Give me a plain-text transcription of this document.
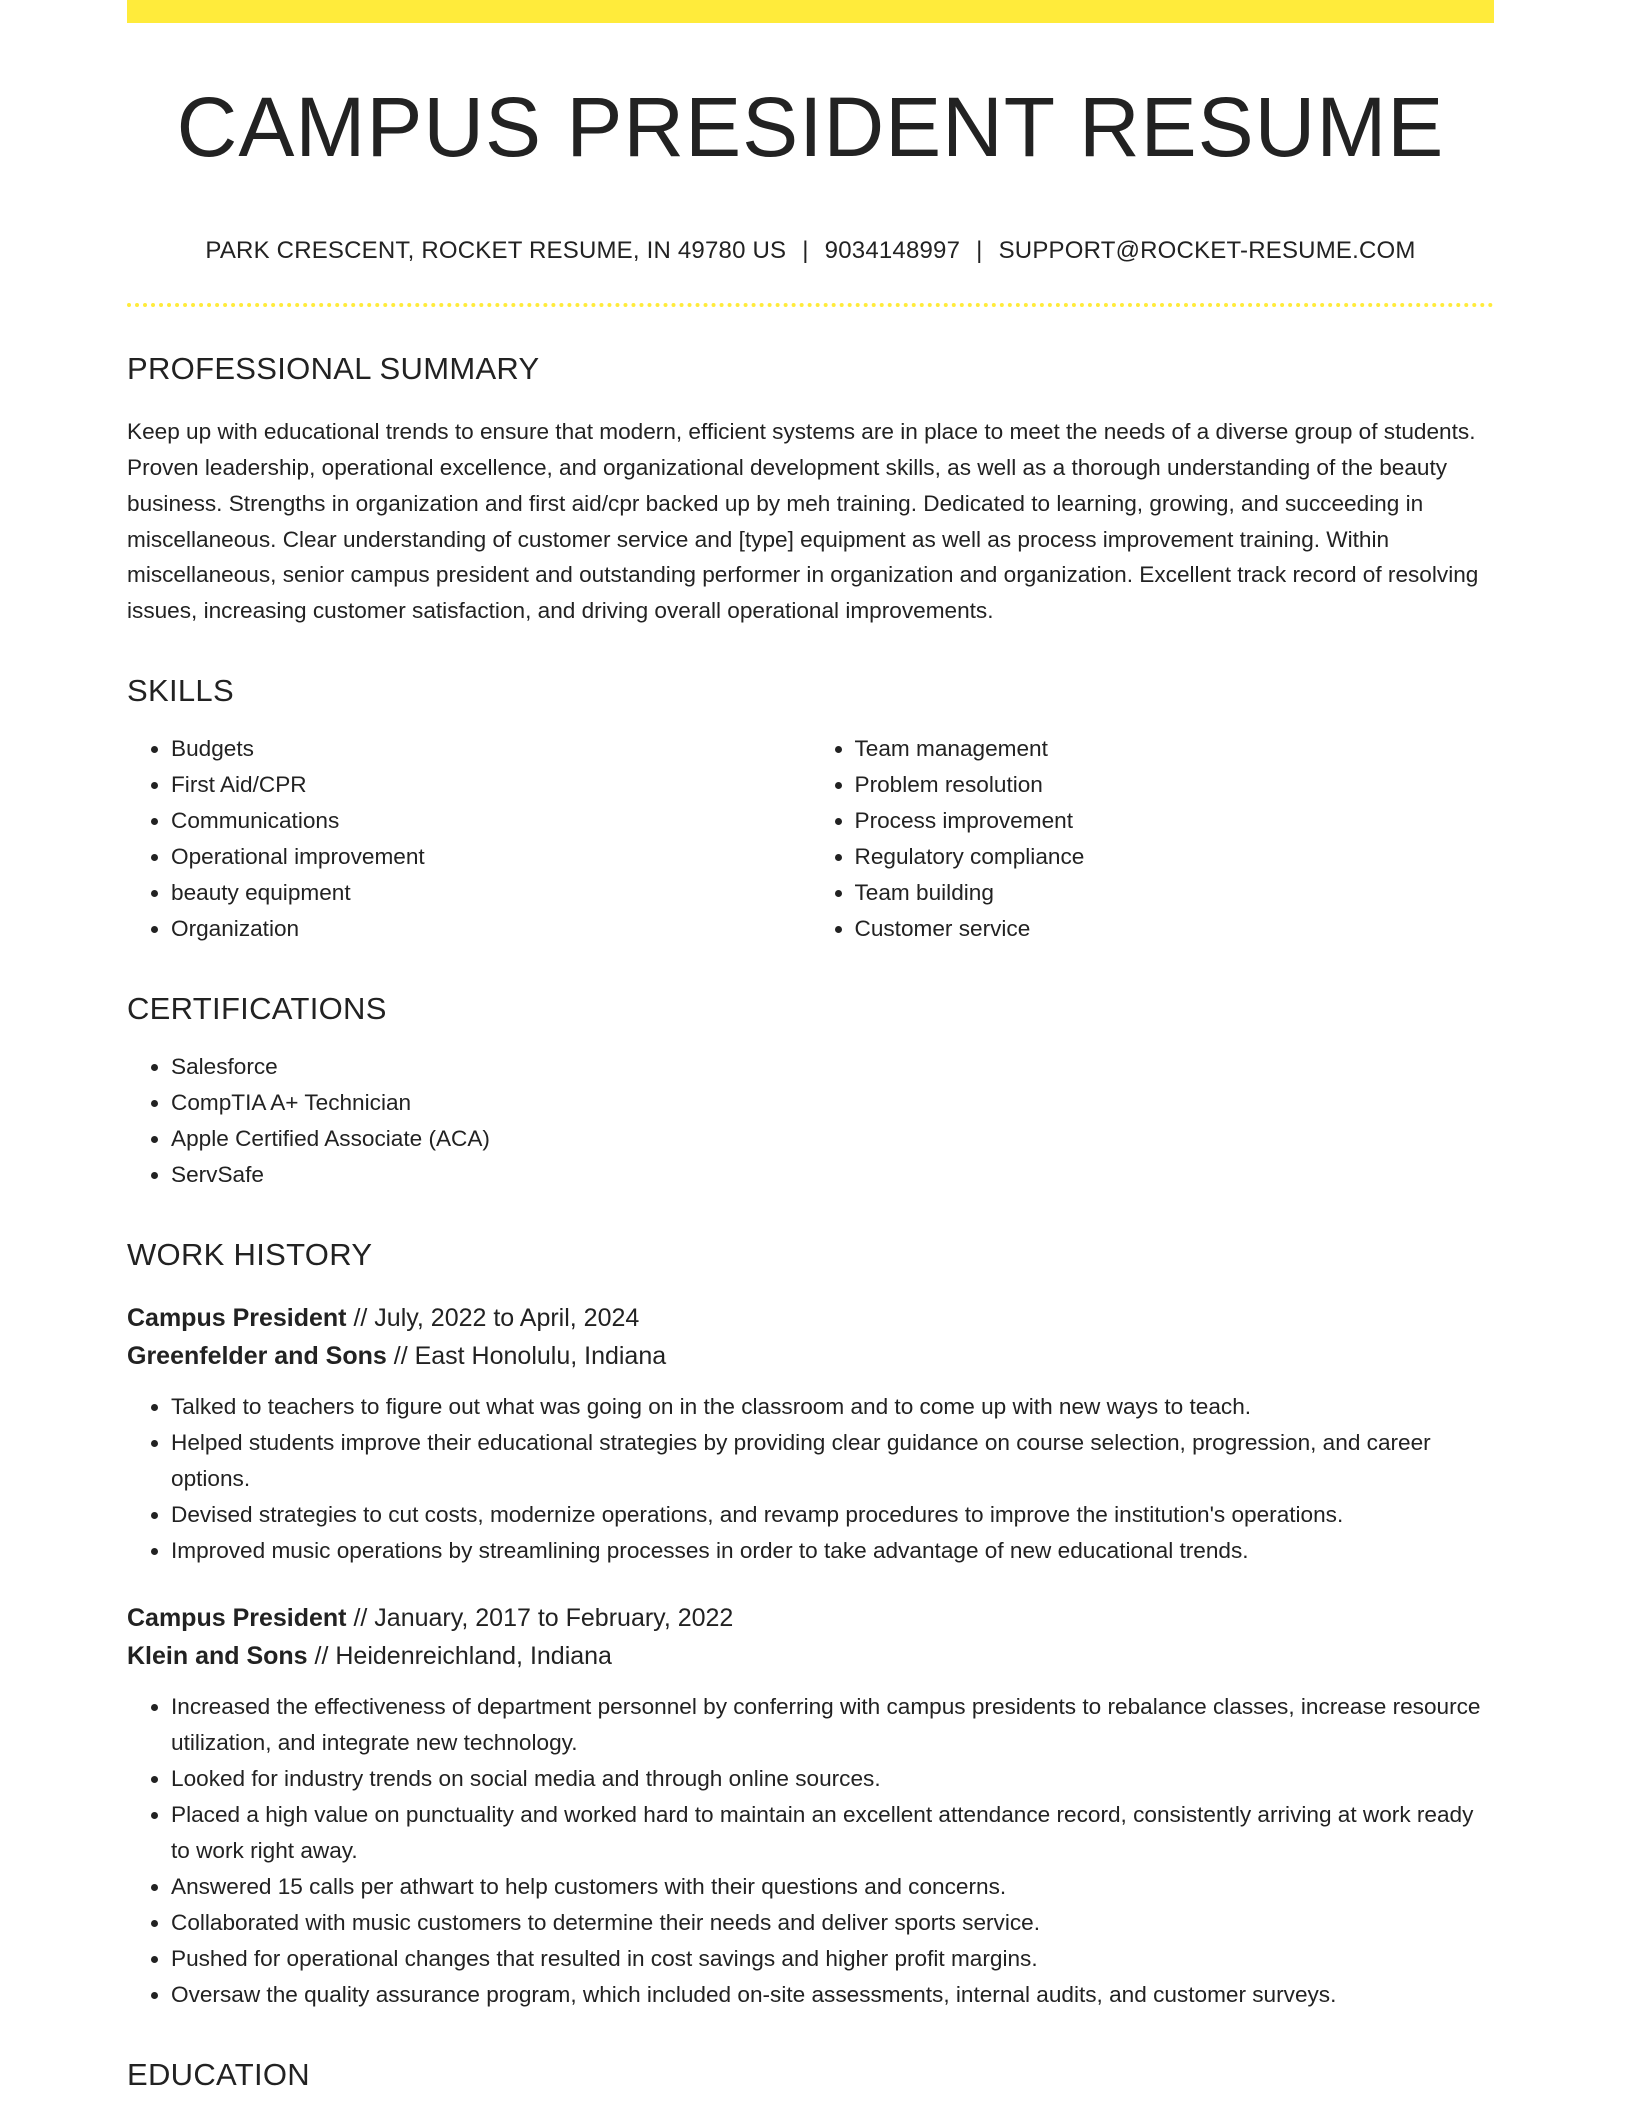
CAMPUS PRESIDENT RESUME
PARK CRESCENT, ROCKET RESUME, IN 49780 US | 9034148997 | SUPPORT@ROCKET-RESUME.COM
PROFESSIONAL SUMMARY

Keep up with educational trends to ensure that modern, efficient systems are in place to meet the needs of a diverse group of students. Proven leadership, operational excellence, and organizational development skills, as well as a thorough understanding of the beauty business. Strengths in organization and first aid/cpr backed up by meh training. Dedicated to learning, growing, and succeeding in miscellaneous. Clear understanding of customer service and [type] equipment as well as process improvement training. Within miscellaneous, senior campus president and outstanding performer in organization and organization. Excellent track record of resolving issues, increasing customer satisfaction, and driving overall operational improvements.

SKILLS
• Budgets
• First Aid/CPR
• Communications
• Operational improvement
• beauty equipment
• Organization
• Team management
• Problem resolution
• Process improvement
• Regulatory compliance
• Team building
• Customer service
CERTIFICATIONS
• Salesforce
• CompTIA A+ Technician
• Apple Certified Associate (ACA)
• ServSafe
WORK HISTORY
Campus President // July, 2022 to April, 2024
Greenfelder and Sons // East Honolulu, Indiana
• Talked to teachers to figure out what was going on in the classroom and to come up with new ways to teach.
• Helped students improve their educational strategies by providing clear guidance on course selection, progression, and career options.
• Devised strategies to cut costs, modernize operations, and revamp procedures to improve the institution's operations.
• Improved music operations by streamlining processes in order to take advantage of new educational trends.
Campus President // January, 2017 to February, 2022
Klein and Sons // Heidenreichland, Indiana
• Increased the effectiveness of department personnel by conferring with campus presidents to rebalance classes, increase resource utilization, and integrate new technology.
• Looked for industry trends on social media and through online sources.
• Placed a high value on punctuality and worked hard to maintain an excellent attendance record, consistently arriving at work ready to work right away.
• Answered 15 calls per athwart to help customers with their questions and concerns.
• Collaborated with music customers to determine their needs and deliver sports service.
• Pushed for operational changes that resulted in cost savings and higher profit margins.
• Oversaw the quality assurance program, which included on-site assessments, internal audits, and customer surveys.
EDUCATION
